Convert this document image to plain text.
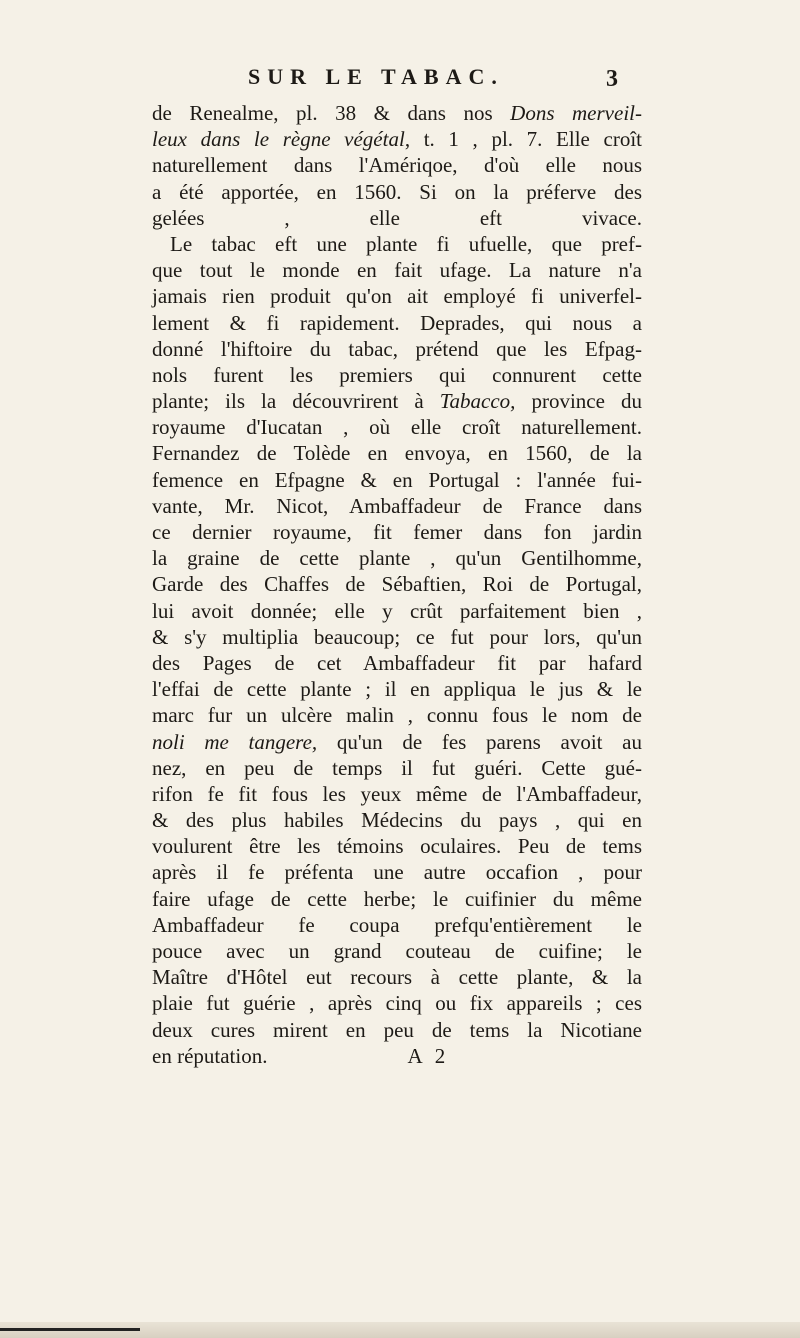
SUR LE TABAC.	3
de Renealme, pl. 38 & dans nos Dons merveil-
leux dans le règne végétal, t. 1 , pl. 7. Elle croît
naturellement dans l'Amériqoe, d'où elle nous
a été apportée, en 1560. Si on la préferve des
gelées , elle eft vivace.
Le tabac eft une plante fi ufuelle, que pref-
que tout le monde en fait ufage. La nature n'a
jamais rien produit qu'on ait employé fi univerfel-
lement & fi rapidement. Deprades, qui nous a
donné l'hiftoire du tabac, prétend que les Efpag-
nols furent les premiers qui connurent cette
plante; ils la découvrirent à Tabacco, province du
royaume d'Iucatan , où elle croît naturellement.
Fernandez de Tolède en envoya, en 1560, de la
femence en Efpagne & en Portugal : l'année fui-
vante, Mr. Nicot, Ambaffadeur de France dans
ce dernier royaume, fit femer dans fon jardin
la graine de cette plante , qu'un Gentilhomme,
Garde des Chaffes de Sébaftien, Roi de Portugal,
lui avoit donnée; elle y crût parfaitement bien ,
& s'y multiplia beaucoup; ce fut pour lors, qu'un
des Pages de cet Ambaffadeur fit par hafard
l'effai de cette plante ; il en appliqua le jus & le
marc fur un ulcère malin , connu fous le nom de
noli me tangere, qu'un de fes parens avoit au
nez, en peu de temps il fut guéri. Cette gué-
rifon fe fit fous les yeux même de l'Ambaffadeur,
& des plus habiles Médecins du pays , qui en
voulurent être les témoins oculaires. Peu de tems
après il fe préfenta une autre occafion , pour
faire ufage de cette herbe; le cuifinier du même
Ambaffadeur fe coupa prefqu'entièrement le
pouce avec un grand couteau de cuifine; le
Maître d'Hôtel eut recours à cette plante, & la
plaie fut guérie , après cinq ou fix appareils ; ces
deux cures mirent en peu de tems la Nicotiane
en réputation.	A 2
